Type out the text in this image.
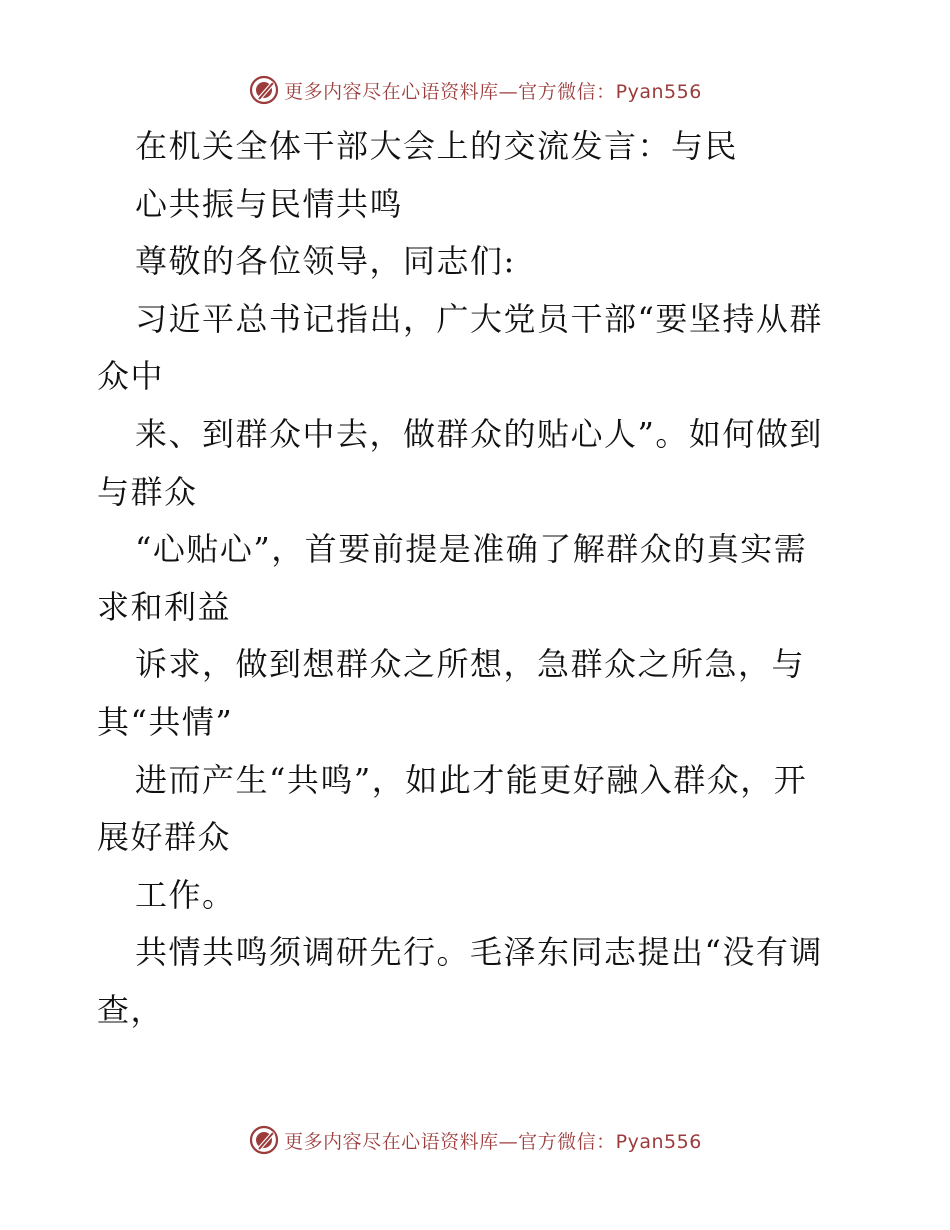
更多内容尽在心语资料库—官方微信：Pyan556
在机关全体干部大会上的交流发言：与民
心共振与民情共鸣
尊敬的各位领导，同志们:
习近平总书记指出，广大党员干部“要坚持从群
众中
来、到群众中去，做群众的贴心人”。如何做到
与群众
“心贴心”，首要前提是准确了解群众的真实需
求和利益
诉求，做到想群众之所想，急群众之所急，与
其“共情”
进而产生“共鸣”，如此才能更好融入群众，开
展好群众
工作。
共情共鸣须调研先行。毛泽东同志提出“没有调
查，
更多内容尽在心语资料库—官方微信：Pyan556
